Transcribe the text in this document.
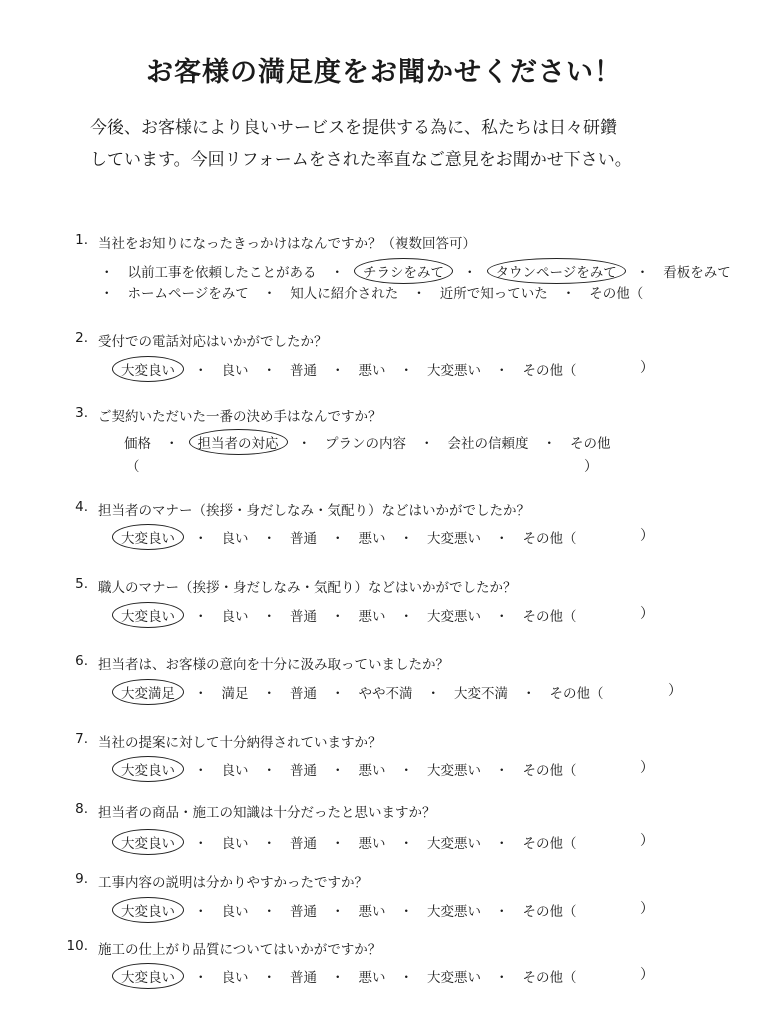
お客様の満足度をお聞かせください！
今後、お客様により良いサービスを提供する為に、私たちは日々研鑽
しています。今回リフォームをされた率直なご意見をお聞かせ下さい。
1. 当社をお知りになったきっかけはなんですか？（複数回答可）
・ 以前工事を依頼したことがある ・ チラシをみて ・ タウンページをみて ・ 看板をみて
・ ホームページをみて ・ 知人に紹介された ・ 近所で知っていた ・ その他（
2. 受付での電話対応はいかがでしたか？
大変良い ・ 良い ・ 普通 ・ 悪い ・ 大変悪い ・ その他（	）
3. ご契約いただいた一番の決め手はなんですか？
価格 ・ 担当者の対応 ・ プランの内容 ・ 会社の信頼度 ・ その他
（	）
4. 担当者のマナー（挨拶・身だしなみ・気配り）などはいかがでしたか？
大変良い ・ 良い ・ 普通 ・ 悪い ・ 大変悪い ・ その他（	）
5. 職人のマナー（挨拶・身だしなみ・気配り）などはいかがでしたか？
大変良い ・ 良い ・ 普通 ・ 悪い ・ 大変悪い ・ その他（	）
6. 担当者は、お客様の意向を十分に汲み取っていましたか？
大変満足 ・ 満足 ・ 普通 ・ やや不満 ・ 大変不満 ・ その他（	）
7. 当社の提案に対して十分納得されていますか？
大変良い ・ 良い ・ 普通 ・ 悪い ・ 大変悪い ・ その他（	）
8. 担当者の商品・施工の知識は十分だったと思いますか？
大変良い ・ 良い ・ 普通 ・ 悪い ・ 大変悪い ・ その他（	）
9. 工事内容の説明は分かりやすかったですか？
大変良い ・ 良い ・ 普通 ・ 悪い ・ 大変悪い ・ その他（	）
10. 施工の仕上がり品質についてはいかがですか？
大変良い ・ 良い ・ 普通 ・ 悪い ・ 大変悪い ・ その他（	）
